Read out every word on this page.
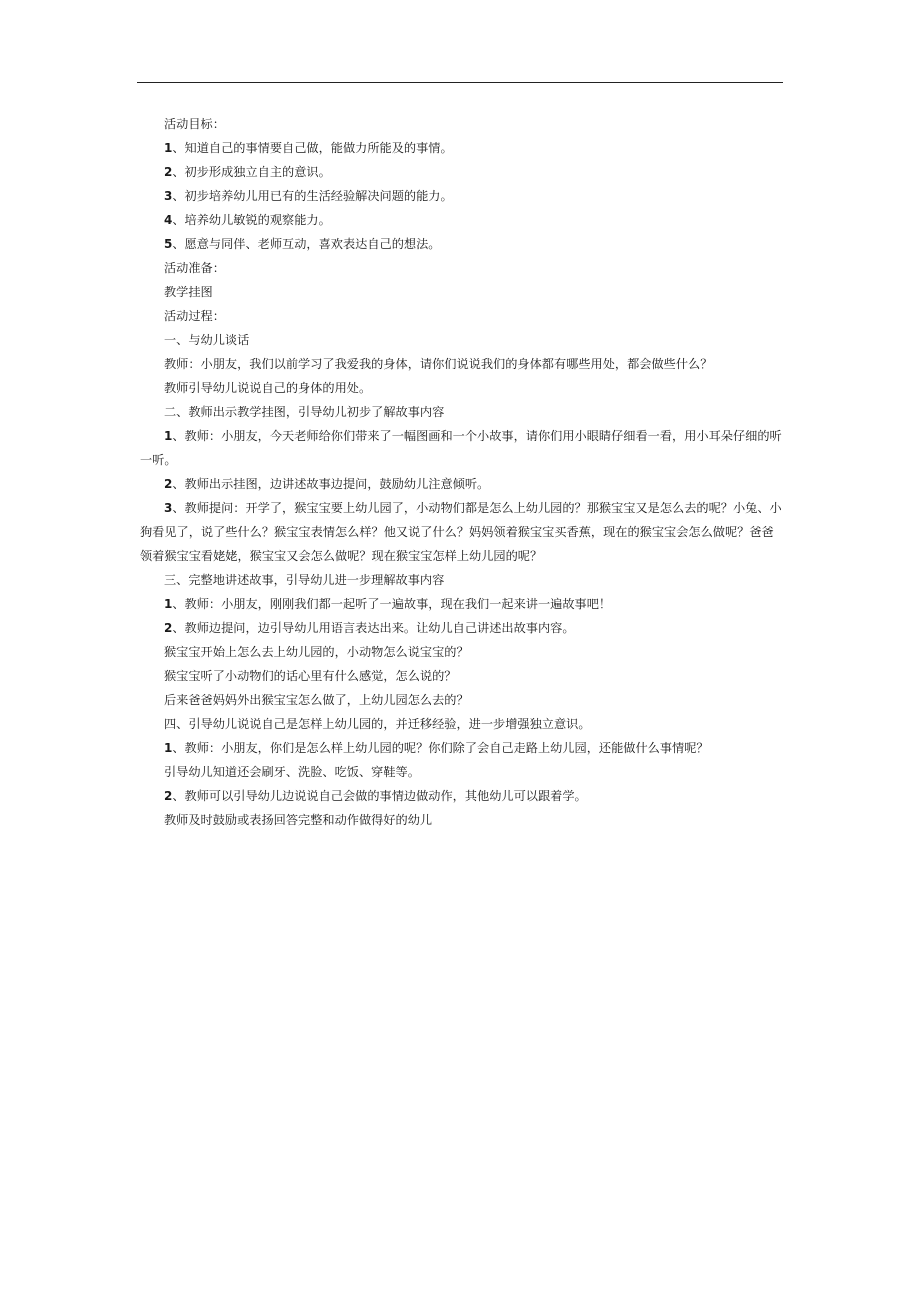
活动目标：

1、知道自己的事情要自己做，能做力所能及的事情。

2、初步形成独立自主的意识。

3、初步培养幼儿用已有的生活经验解决问题的能力。

4、培养幼儿敏锐的观察能力。

5、愿意与同伴、老师互动，喜欢表达自己的想法。

活动准备：

教学挂图

活动过程：

一、与幼儿谈话

教师：小朋友，我们以前学习了我爱我的身体，请你们说说我们的身体都有哪些用处，都会做些什么？

教师引导幼儿说说自己的身体的用处。

二、教师出示教学挂图，引导幼儿初步了解故事内容

1、教师：小朋友，今天老师给你们带来了一幅图画和一个小故事，请你们用小眼睛仔细看一看，用小耳朵仔细的听一听。

2、教师出示挂图，边讲述故事边提问，鼓励幼儿注意倾听。

3、教师提问：开学了，猴宝宝要上幼儿园了，小动物们都是怎么上幼儿园的？那猴宝宝又是怎么去的呢？小兔、小狗看见了，说了些什么？猴宝宝表情怎么样？他又说了什么？妈妈领着猴宝宝买香蕉，现在的猴宝宝会怎么做呢？爸爸领着猴宝宝看姥姥，猴宝宝又会怎么做呢？现在猴宝宝怎样上幼儿园的呢？

三、完整地讲述故事，引导幼儿进一步理解故事内容

1、教师：小朋友，刚刚我们都一起听了一遍故事，现在我们一起来讲一遍故事吧！

2、教师边提问，边引导幼儿用语言表达出来。让幼儿自己讲述出故事内容。

猴宝宝开始上怎么去上幼儿园的，小动物怎么说宝宝的？

猴宝宝听了小动物们的话心里有什么感觉，怎么说的？

后来爸爸妈妈外出猴宝宝怎么做了，上幼儿园怎么去的？

四、引导幼儿说说自己是怎样上幼儿园的，并迁移经验，进一步增强独立意识。

1、教师：小朋友，你们是怎么样上幼儿园的呢？你们除了会自己走路上幼儿园，还能做什么事情呢？

引导幼儿知道还会刷牙、洗脸、吃饭、穿鞋等。

2、教师可以引导幼儿边说说自己会做的事情边做动作，其他幼儿可以跟着学。

教师及时鼓励或表扬回答完整和动作做得好的幼儿
